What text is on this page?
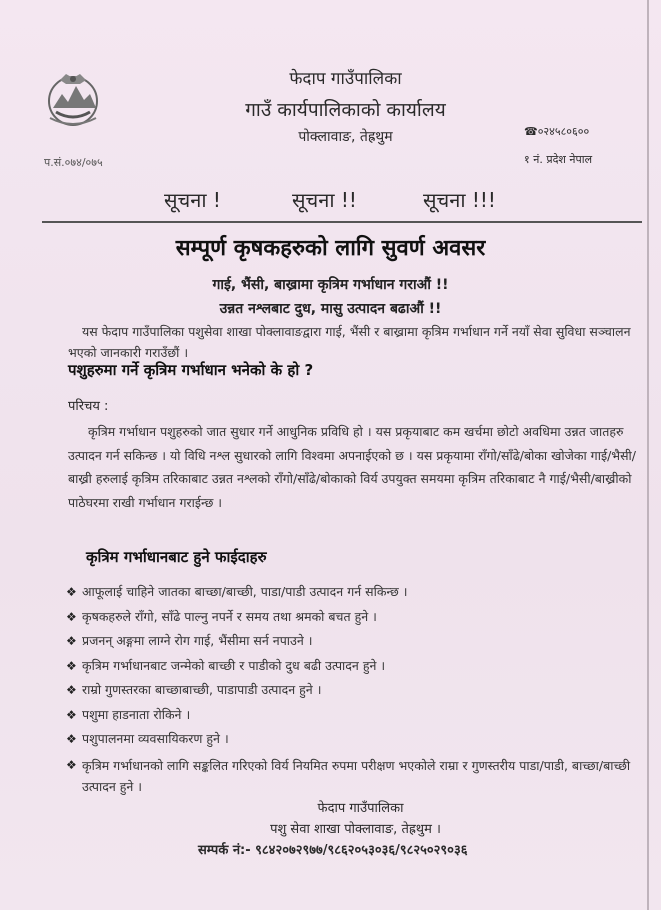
फेदाप गाउँपालिका
गाउँ कार्यपालिकाको कार्यालय
पोक्लावाङ, तेह्रथुम	☎०२४५८०६००
प.सं.०७४/०७५	१ नं. प्रदेश नेपाल
सूचना !	सूचना !!	सूचना !!!
सम्पूर्ण कृषकहरुको लागि सुवर्ण अवसर
गाई, भैंसी, बाख्रामा कृत्रिम गर्भाधान गराऔं !!
उन्नत नश्लबाट दुध, मासु उत्पादन बढाऔं !!
यस फेदाप गाउँपालिका पशुसेवा शाखा पोक्लावाङद्वारा गाई, भैंसी र बाख्रामा कृत्रिम गर्भाधान गर्ने नयाँ सेवा सुविधा सञ्चालन भएको जानकारी गराउँछौं ।
पशुहरुमा गर्ने कृत्रिम गर्भाधान भनेको के हो ?
परिचय :
कृत्रिम गर्भाधान पशुहरुको जात सुधार गर्ने आधुनिक प्रविधि हो । यस प्रकृयाबाट कम खर्चमा छोटो अवधिमा उन्नत जातहरु उत्पादन गर्न सकिन्छ । यो विधि नश्ल सुधारको लागि विश्वमा अपनाईएको छ । यस प्रकृयामा राँगो/साँढे/बोका खोजेका गाई/भैसी/बाख्री हरुलाई कृत्रिम तरिकाबाट उन्नत नश्लको राँगो/साँढे/बोकाको विर्य उपयुक्त समयमा कृत्रिम तरिकाबाट नै गाई/भैसी/बाख्रीको पाठेघरमा राखी गर्भाधान गराईन्छ ।
कृत्रिम गर्भाधानबाट हुने फाईदाहरु
❖ आफूलाई चाहिने जातका बाच्छा/बाच्छी, पाडा/पाडी उत्पादन गर्न सकिन्छ ।
❖ कृषकहरुले राँगो, साँढे पाल्नु नपर्ने र समय तथा श्रमको बचत हुने ।
❖ प्रजनन् अङ्गमा लाग्ने रोग गाई, भैंसीमा सर्न नपाउने ।
❖ कृत्रिम गर्भाधानबाट जन्मेको बाच्छी र पाडीको दुध बढी उत्पादन हुने ।
❖ राम्रो गुणस्तरका बाच्छाबाच्छी, पाडापाडी उत्पादन हुने ।
❖ पशुमा हाडनाता रोकिने ।
❖ पशुपालनमा व्यवसायिकरण हुने ।
❖ कृत्रिम गर्भाधानको लागि सङ्कलित गरिएको विर्य नियमित रुपमा परीक्षण भएकोले राम्रा र गुणस्तरीय पाडा/पाडी, बाच्छा/बाच्छी उत्पादन हुने ।
फेदाप गाउँपालिका
पशु सेवा शाखा पोक्लावाङ, तेह्रथुम ।
सम्पर्क नं:- ९८४२०७२९७७/९८६२०५३०३६/९८२५०२९०३६
